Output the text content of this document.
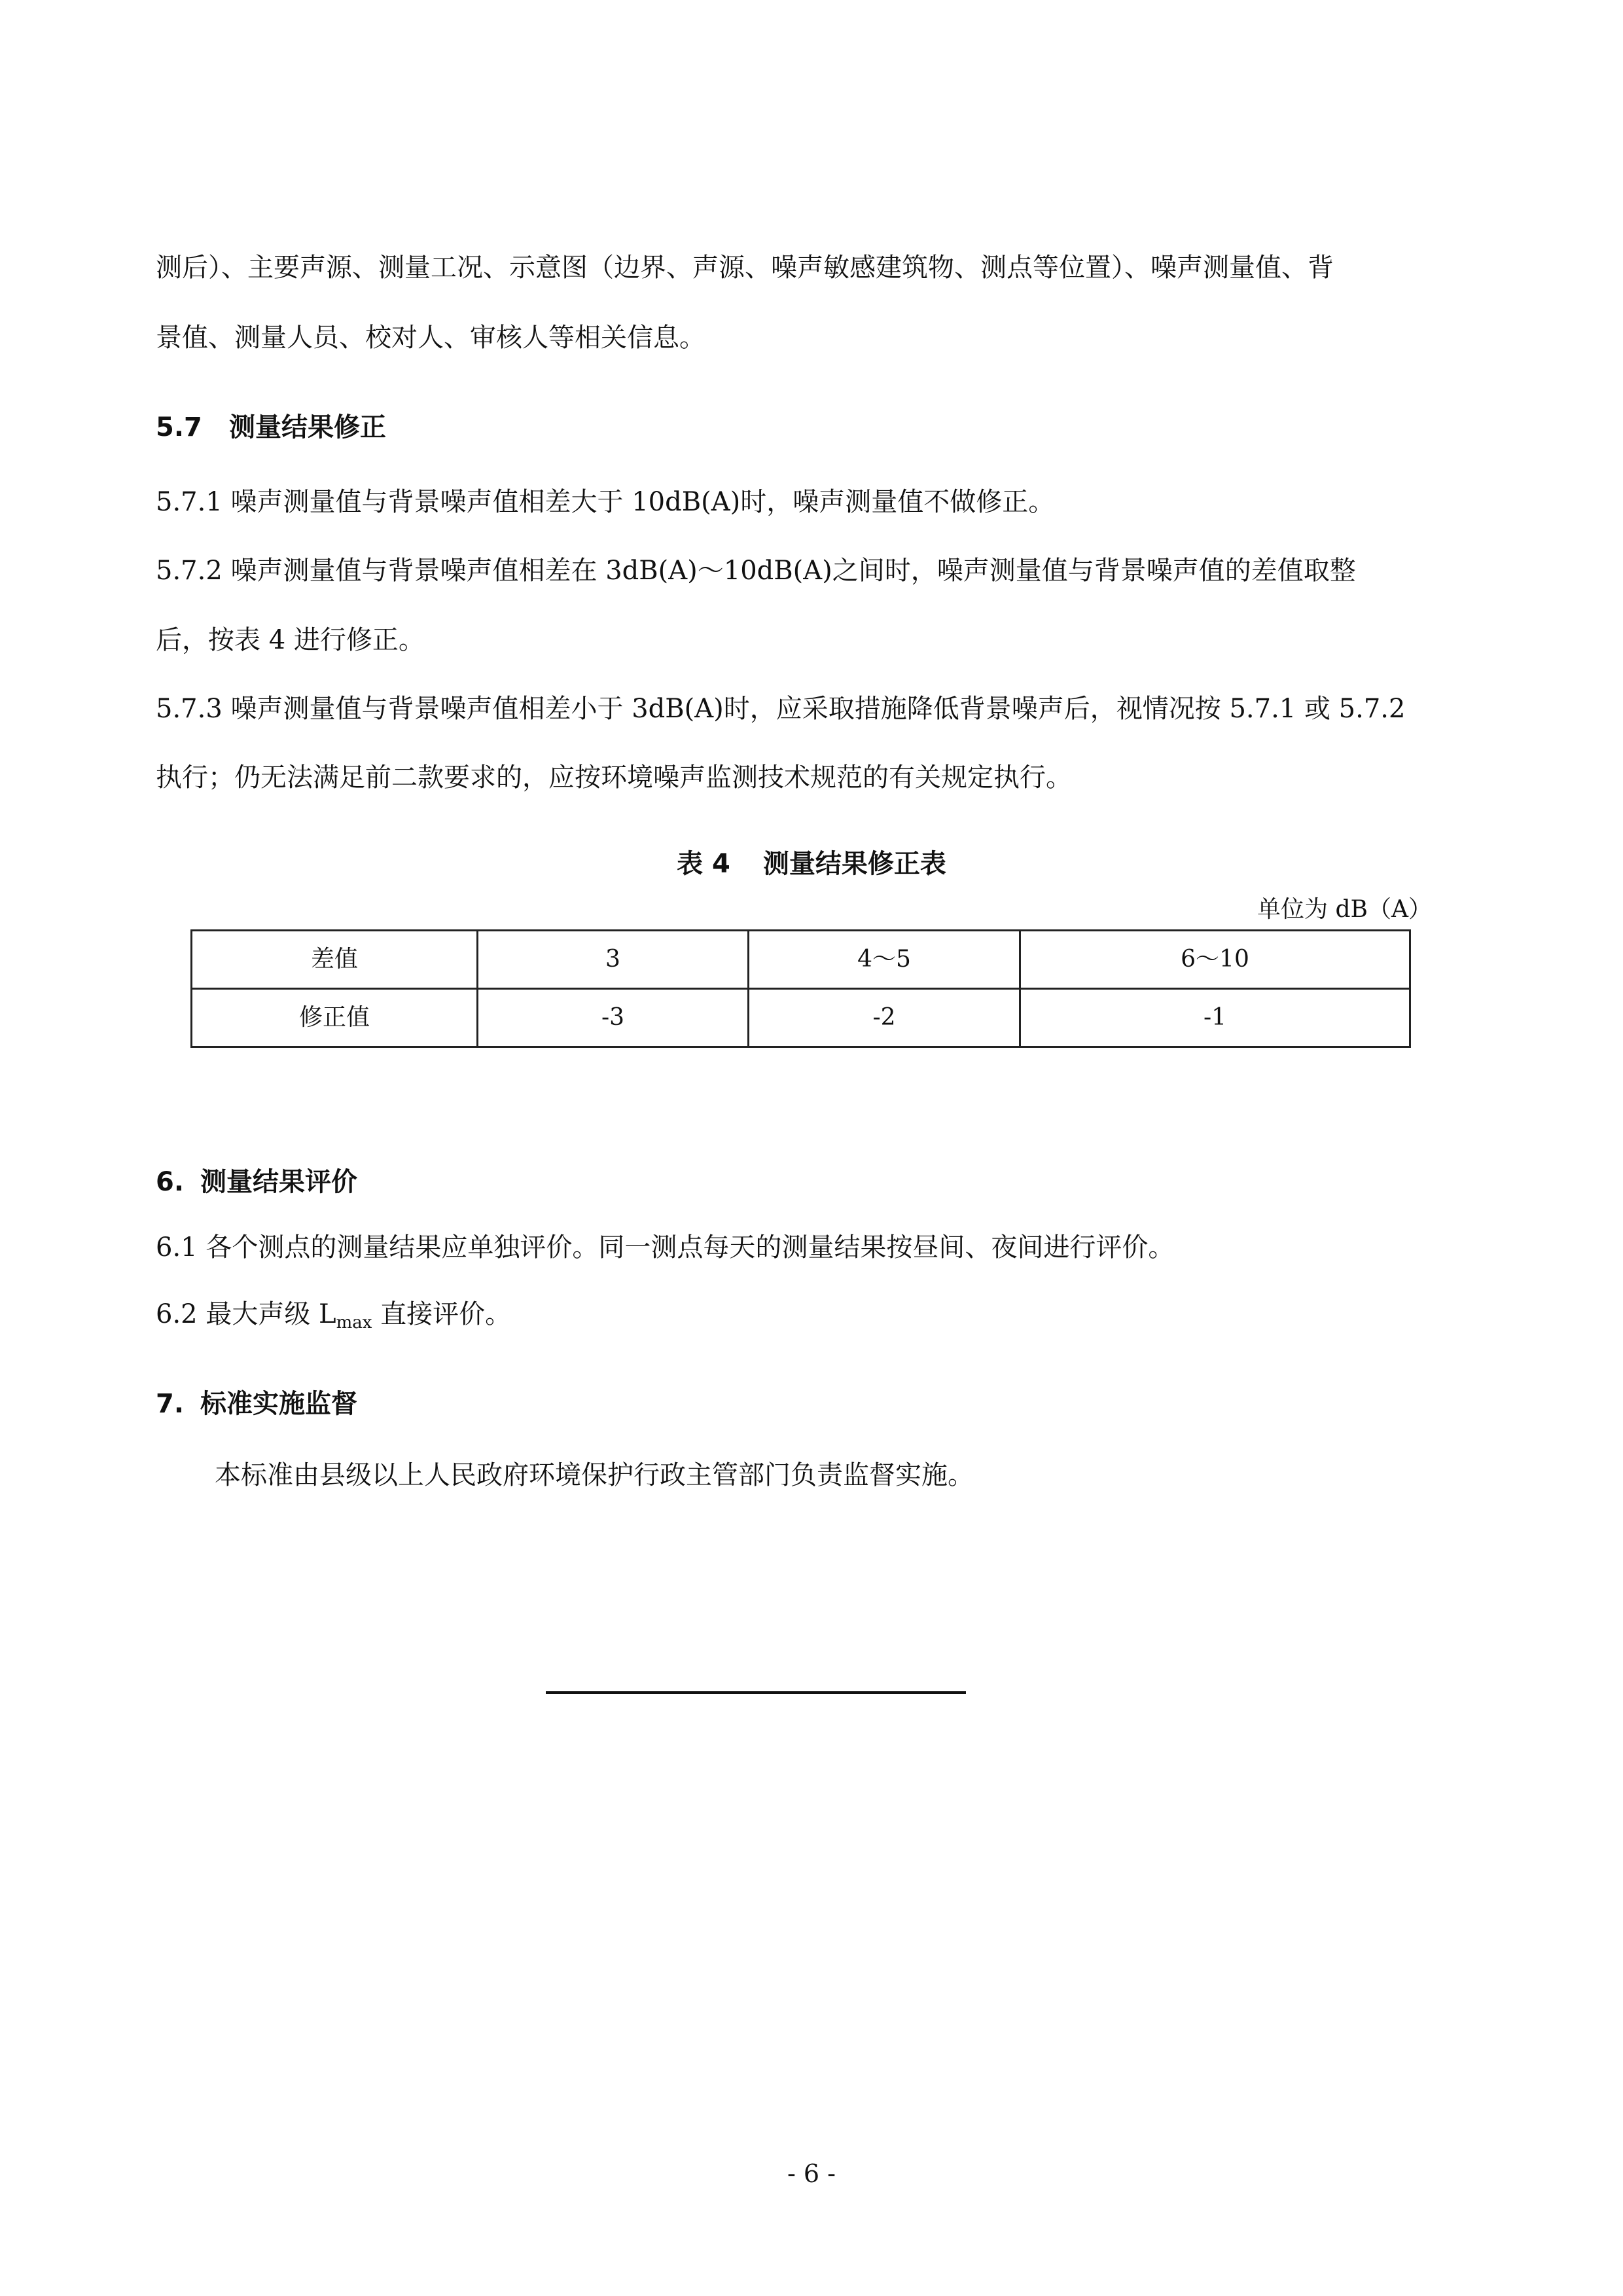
测后）、主要声源、测量工况、示意图（边界、声源、噪声敏感建筑物、测点等位置）、噪声测量值、背

景值、测量人员、校对人、审核人等相关信息。

5.7 测量结果修正

5.7.1 噪声测量值与背景噪声值相差大于 10dB(A)时，噪声测量值不做修正。

5.7.2 噪声测量值与背景噪声值相差在 3dB(A)～10dB(A)之间时，噪声测量值与背景噪声值的差值取整

后，按表 4 进行修正。

5.7.3 噪声测量值与背景噪声值相差小于 3dB(A)时，应采取措施降低背景噪声后，视情况按 5.7.1 或 5.7.2

执行；仍无法满足前二款要求的，应按环境噪声监测技术规范的有关规定执行。

表 4 测量结果修正表
单位为 dB（A）
差值	3	4～5	6～10
修正值	-3	-2	-1
6. 测量结果评价

6.1 各个测点的测量结果应单独评价。同一测点每天的测量结果按昼间、夜间进行评价。

6.2 最大声级 $L_{max}$ 直接评价。

7. 标准实施监督

本标准由县级以上人民政府环境保护行政主管部门负责监督实施。

- 6 -
